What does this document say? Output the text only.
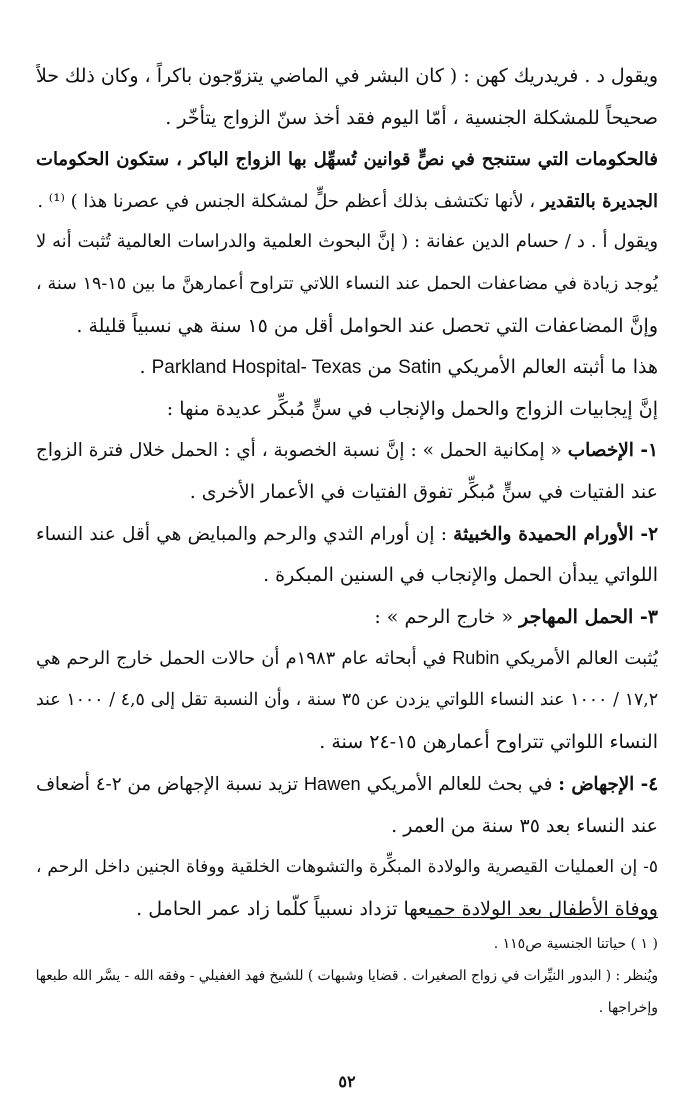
ويقول د . فريدريك كهن : ( كان البشر في الماضي يتزوّجون باكراً ، وكان ذلك حلاً
صحيحاً للمشكلة الجنسية ، أمّا اليوم فقد أخذ سنّ الزواج يتأخّر .
فالحكومات التي ستنجح في نصٍّ قوانين تُسهِّل بها الزواج الباكر ، ستكون الحكومات
الجديرة بالتقدير ، لأنها تكتشف بذلك أعظم حلٍّ لمشكلة الجنس في عصرنا هذا ) ⁽¹⁾ .
ويقول أ . د / حسام الدين عفانة : ( إنَّ البحوث العلمية والدراسات العالمية تُثبت أنه لا
يُوجد زيادة في مضاعفات الحمل عند النساء اللاتي تتراوح أعمارهنَّ ما بين ١٥-١٩ سنة ،
وإنَّ المضاعفات التي تحصل عند الحوامل أقل من ١٥ سنة هي نسبياً قليلة .
هذا ما أثبته العالم الأمريكي Satin من Parkland Hospital- Texas .
إنَّ إيجابيات الزواج والحمل والإنجاب في سنٍّ مُبكِّر عديدة منها :
١- الإخصاب « إمكانية الحمل » : إنَّ نسبة الخصوبة ، أي : الحمل خلال فترة الزواج
عند الفتيات في سنٍّ مُبكِّر تفوق الفتيات في الأعمار الأخرى .
٢- الأورام الحميدة والخبيثة : إن أورام الثدي والرحم والمبايض هي أقل عند النساء
اللواتي يبدأن الحمل والإنجاب في السنين المبكرة .
٣- الحمل المهاجر « خارج الرحم » :
يُثبت العالم الأمريكي Rubin في أبحاثه عام ١٩٨٣م أن حالات الحمل خارج الرحم هي
١٧,٢ / ١٠٠٠ عند النساء اللواتي يزدن عن ٣٥ سنة ، وأن النسبة تقل إلى ٤,٥ / ١٠٠٠ عند
النساء اللواتي تتراوح أعمارهن ١٥-٢٤ سنة .
٤- الإجهاض : في بحث للعالم الأمريكي Hawen تزيد نسبة الإجهاض من ٢-٤ أضعاف
عند النساء بعد ٣٥ سنة من العمر .
٥- إن العمليات القيصرية والولادة المبكِّرة والتشوهات الخلقية ووفاة الجنين داخل الرحم ،
ووفاة الأطفال بعد الولادة جميعها تزداد نسبياً كلّما زاد عمر الحامل .
( ١ ) حياتنا الجنسية ص١١٥ .
ويُنظر : ( البدور النيِّرات في زواج الصغيرات . قضايا وشبهات ) للشيخ فهد الغفيلي - وفقه الله - يسَّر الله طبعها
وإخراجها .
٥٢
